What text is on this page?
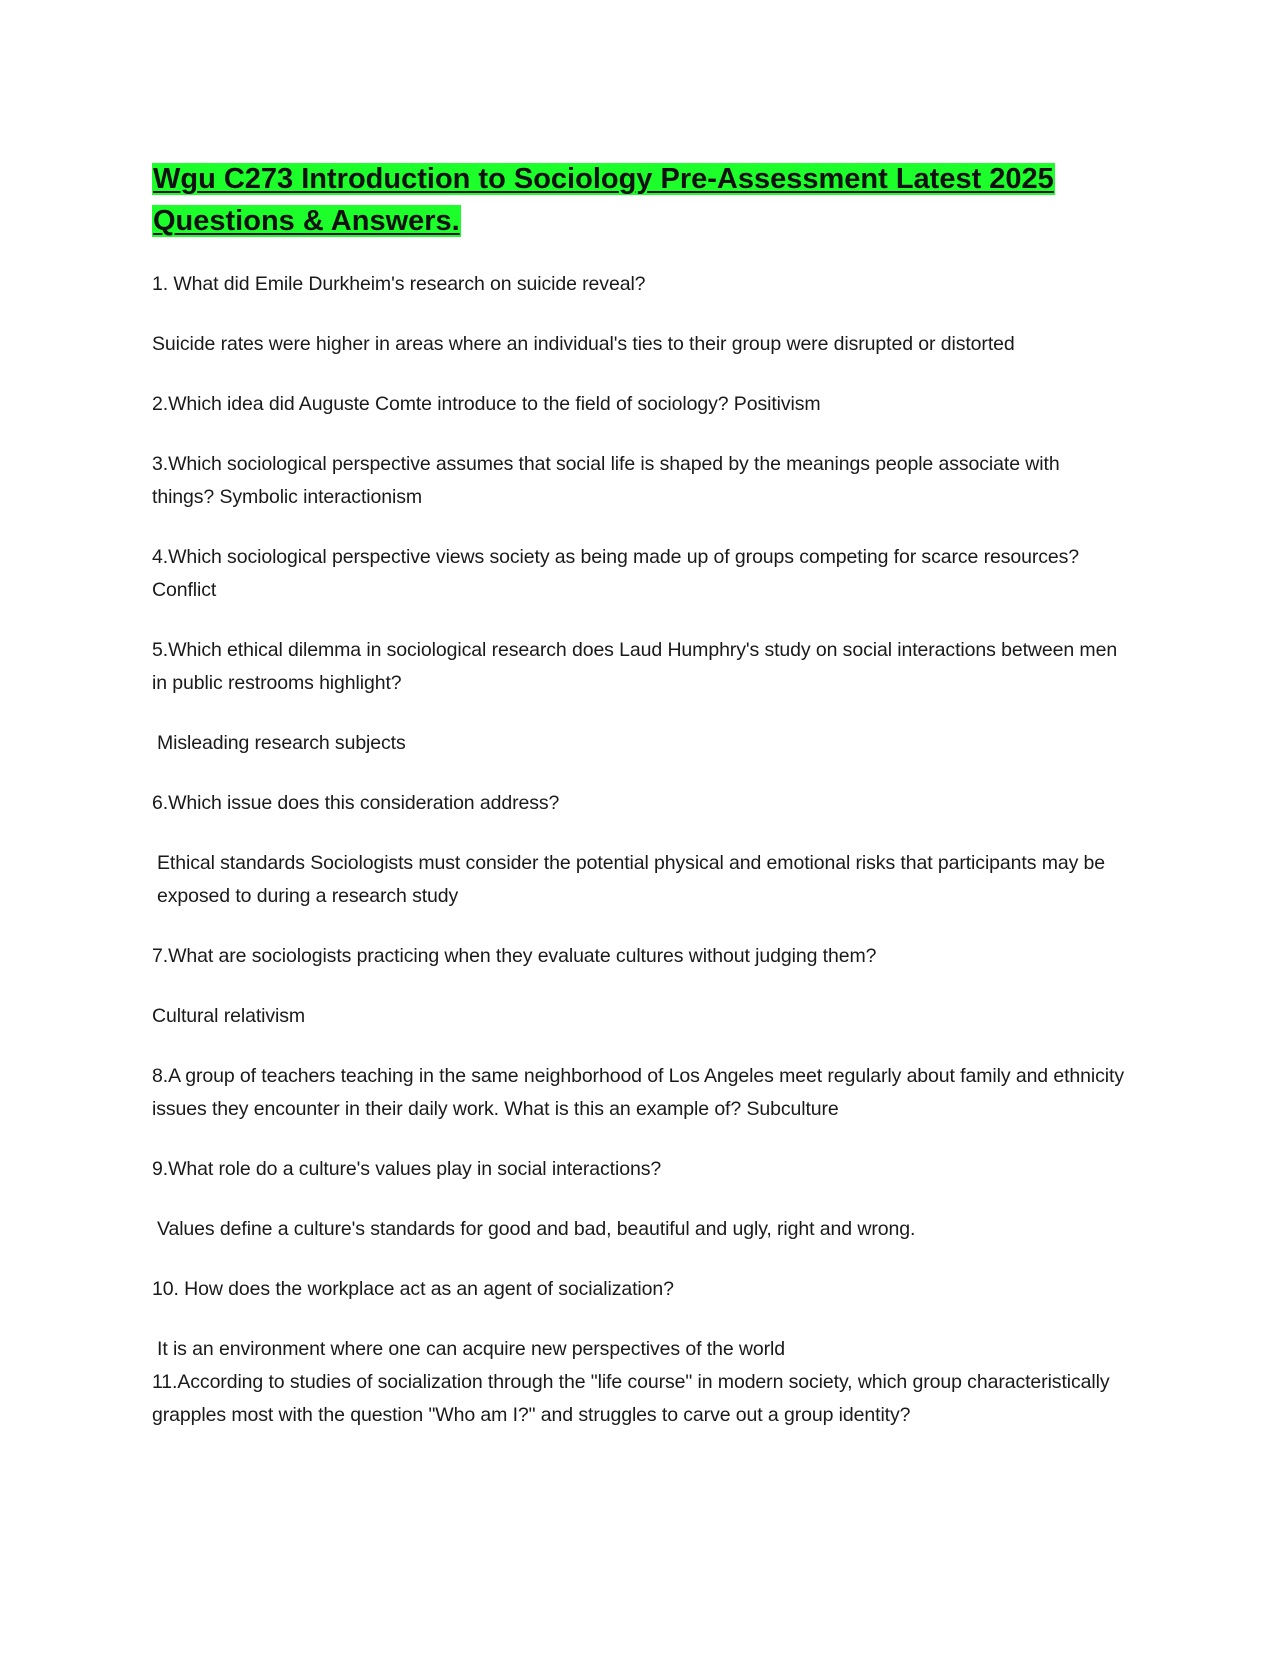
Wgu C273 Introduction to Sociology Pre-Assessment Latest 2025 Questions & Answers.

1. What did Emile Durkheim's research on suicide reveal?

Suicide rates were higher in areas where an individual's ties to their group were disrupted or distorted

2.Which idea did Auguste Comte introduce to the field of sociology? Positivism

3.Which sociological perspective assumes that social life is shaped by the meanings people associate with things? Symbolic interactionism

4.Which sociological perspective views society as being made up of groups competing for scarce resources? Conflict

5.Which ethical dilemma in sociological research does Laud Humphry's study on social interactions between men in public restrooms highlight?

Misleading research subjects

6.Which issue does this consideration address?

Ethical standards Sociologists must consider the potential physical and emotional risks that participants may be exposed to during a research study

7.What are sociologists practicing when they evaluate cultures without judging them?

Cultural relativism

8.A group of teachers teaching in the same neighborhood of Los Angeles meet regularly about family and ethnicity issues they encounter in their daily work. What is this an example of? Subculture

9.What role do a culture's values play in social interactions?

Values define a culture's standards for good and bad, beautiful and ugly, right and wrong.

10. How does the workplace act as an agent of socialization?

It is an environment where one can acquire new perspectives of the world

11.According to studies of socialization through the "life course" in modern society, which group characteristically grapples most with the question "Who am I?" and struggles to carve out a group identity?
